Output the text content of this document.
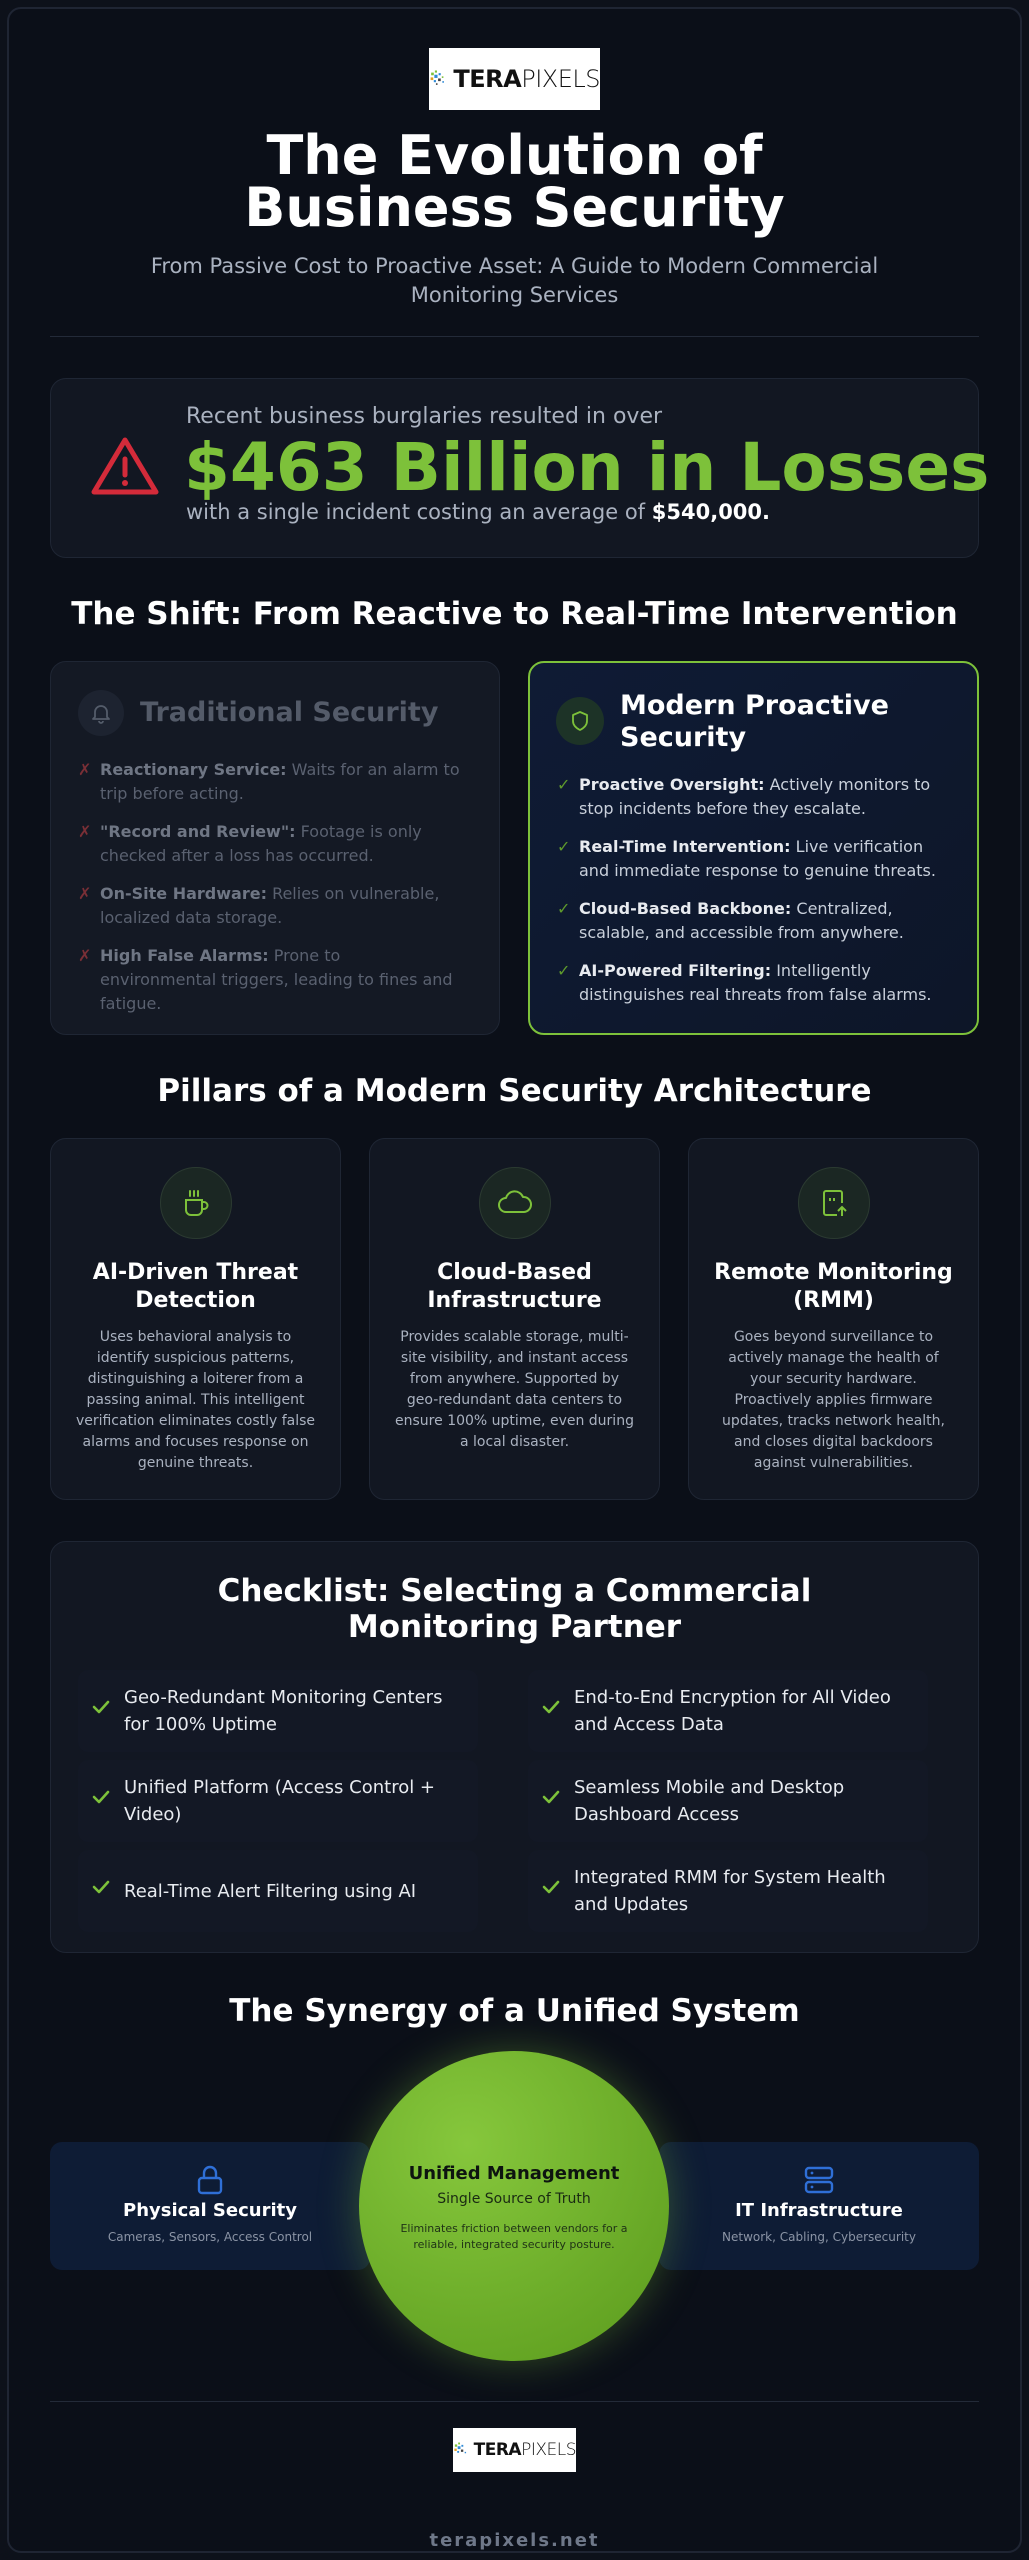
TERAPIXELS
The Evolution of Business Security
From Passive Cost to Proactive Asset: A Guide to Modern Commercial Monitoring Services
Recent business burglaries resulted in over
$463 Billion in Losses
with a single incident costing an average of $540,000.
The Shift: From Reactive to Real-Time Intervention
Traditional Security
✗ Reactionary Service: Waits for an alarm to trip before acting.
✗ "Record and Review": Footage is only checked after a loss has occurred.
✗ On-Site Hardware: Relies on vulnerable, localized data storage.
✗ High False Alarms: Prone to environmental triggers, leading to fines and fatigue.
Modern Proactive Security
✓ Proactive Oversight: Actively monitors to stop incidents before they escalate.
✓ Real-Time Intervention: Live verification and immediate response to genuine threats.
✓ Cloud-Based Backbone: Centralized, scalable, and accessible from anywhere.
✓ AI-Powered Filtering: Intelligently distinguishes real threats from false alarms.
Pillars of a Modern Security Architecture
AI-Driven Threat Detection
Uses behavioral analysis to identify suspicious patterns, distinguishing a loiterer from a passing animal. This intelligent verification eliminates costly false alarms and focuses response on genuine threats.
Cloud-Based Infrastructure
Provides scalable storage, multi-site visibility, and instant access from anywhere. Supported by geo-redundant data centers to ensure 100% uptime, even during a local disaster.
Remote Monitoring (RMM)
Goes beyond surveillance to actively manage the health of your security hardware. Proactively applies firmware updates, tracks network health, and closes digital backdoors against vulnerabilities.
Checklist: Selecting a Commercial Monitoring Partner
Geo-Redundant Monitoring Centers for 100% Uptime
End-to-End Encryption for All Video and Access Data
Unified Platform (Access Control + Video)
Seamless Mobile and Desktop Dashboard Access
Real-Time Alert Filtering using AI
Integrated RMM for System Health and Updates
The Synergy of a Unified System
Physical Security
Cameras, Sensors, Access Control
IT Infrastructure
Network, Cabling, Cybersecurity
Unified Management
Single Source of Truth
Eliminates friction between vendors for a reliable, integrated security posture.
TERAPIXELS
terapixels.net
